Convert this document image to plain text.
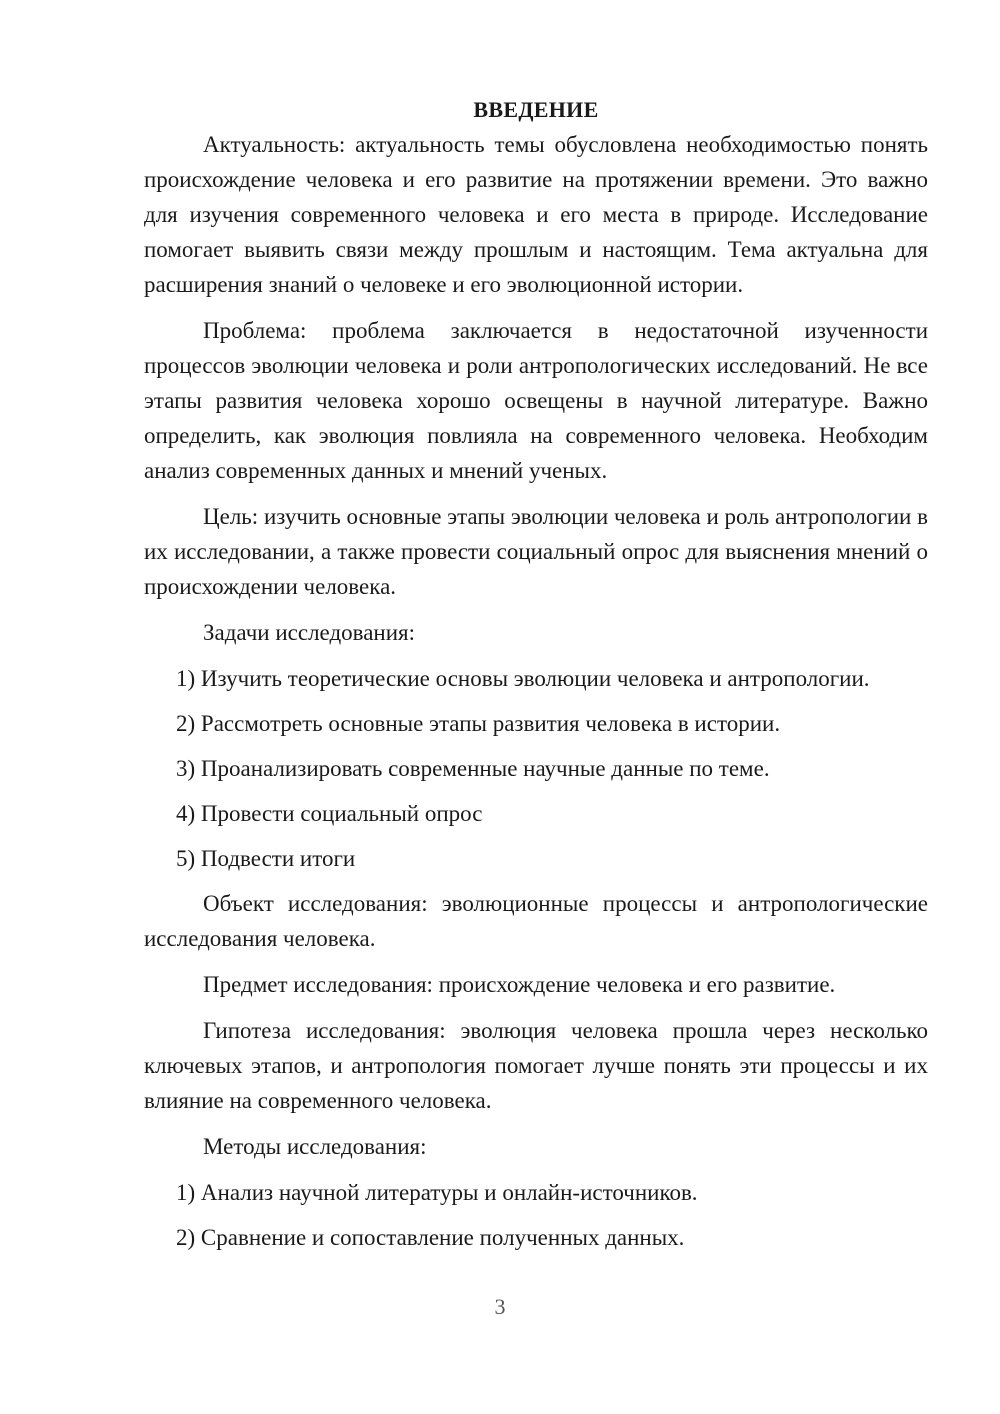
ВВЕДЕНИЕ

Актуальность: актуальность темы обусловлена необходимостью понять происхождение человека и его развитие на протяжении времени. Это важно для изучения современного человека и его места в природе. Исследование помогает выявить связи между прошлым и настоящим. Тема актуальна для расширения знаний о человеке и его эволюционной истории.

Проблема: проблема заключается в недостаточной изученности процессов эволюции человека и роли антропологических исследований. Не все этапы развития человека хорошо освещены в научной литературе. Важно определить, как эволюция повлияла на современного человека. Необходим анализ современных данных и мнений ученых.

Цель: изучить основные этапы эволюции человека и роль антропологии в их исследовании, а также провести социальный опрос для выяснения мнений о происхождении человека.

Задачи исследования:

1) Изучить теоретические основы эволюции человека и антропологии.
2) Рассмотреть основные этапы развития человека в истории.
3) Проанализировать современные научные данные по теме.
4) Провести социальный опрос
5) Подвести итоги

Объект исследования: эволюционные процессы и антропологические исследования человека.

Предмет исследования: происхождение человека и его развитие.

Гипотеза исследования: эволюция человека прошла через несколько ключевых этапов, и антропология помогает лучше понять эти процессы и их влияние на современного человека.

Методы исследования:

1) Анализ научной литературы и онлайн-источников.
2) Сравнение и сопоставление полученных данных.
3
